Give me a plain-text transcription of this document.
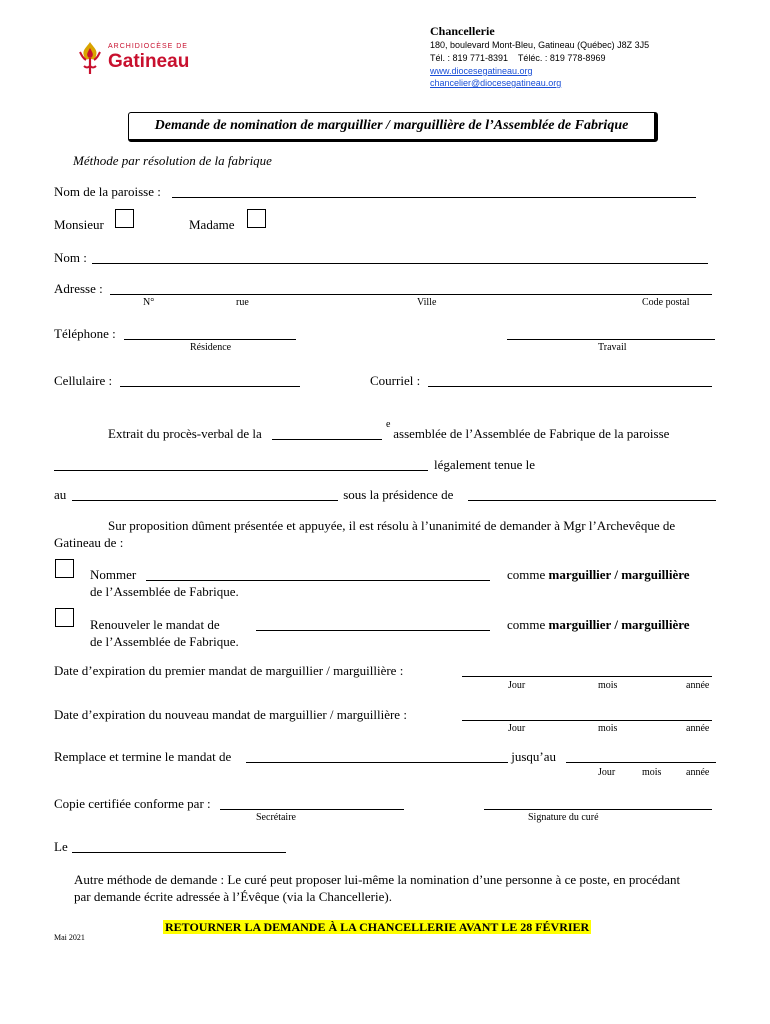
ARCHIDIOCÈSE DE
Gatineau
Chancellerie
180, boulevard Mont-Bleu, Gatineau (Québec) J8Z 3J5
Tél. : 819 771-8391    Téléc. : 819 778-8969
www.diocesegatineau.org
chancelier@diocesegatineau.org
Demande de nomination de marguillier / marguillière de l’Assemblée de Fabrique
Méthode par résolution de la fabrique
Nom de la paroisse :
Monsieur	Madame
Nom :
Adresse :
N°	rue	Ville	Code postal
Téléphone :
Résidence	Travail
Cellulaire :	Courriel :
Extrait du procès-verbal de la
e
assemblée de l’Assemblée de Fabrique de la paroisse
légalement tenue le
au	sous la présidence de
Sur proposition dûment présentée et appuyée, il est résolu à l’unanimité de demander à Mgr l’Archevêque de
Gatineau de :
Nommer	comme marguillier / marguillière
de l’Assemblée de Fabrique.
Renouveler le mandat de	comme marguillier / marguillière
de l’Assemblée de Fabrique.
Date d’expiration du premier mandat de marguillier / marguillière :
Jour	mois	année
Date d’expiration du nouveau mandat de marguillier / marguillière :
Jour	mois	année
Remplace et termine le mandat de	jusqu’au
Jour	mois année
Copie certifiée conforme par :
Secrétaire	Signature du curé
Le
Autre méthode de demande : Le curé peut proposer lui-même la nomination d’une personne à ce poste, en procédant
par demande écrite adressée à l’Évêque (via la Chancellerie).
RETOURNER LA DEMANDE À LA CHANCELLERIE AVANT LE 28 FÉVRIER
Mai 2021
